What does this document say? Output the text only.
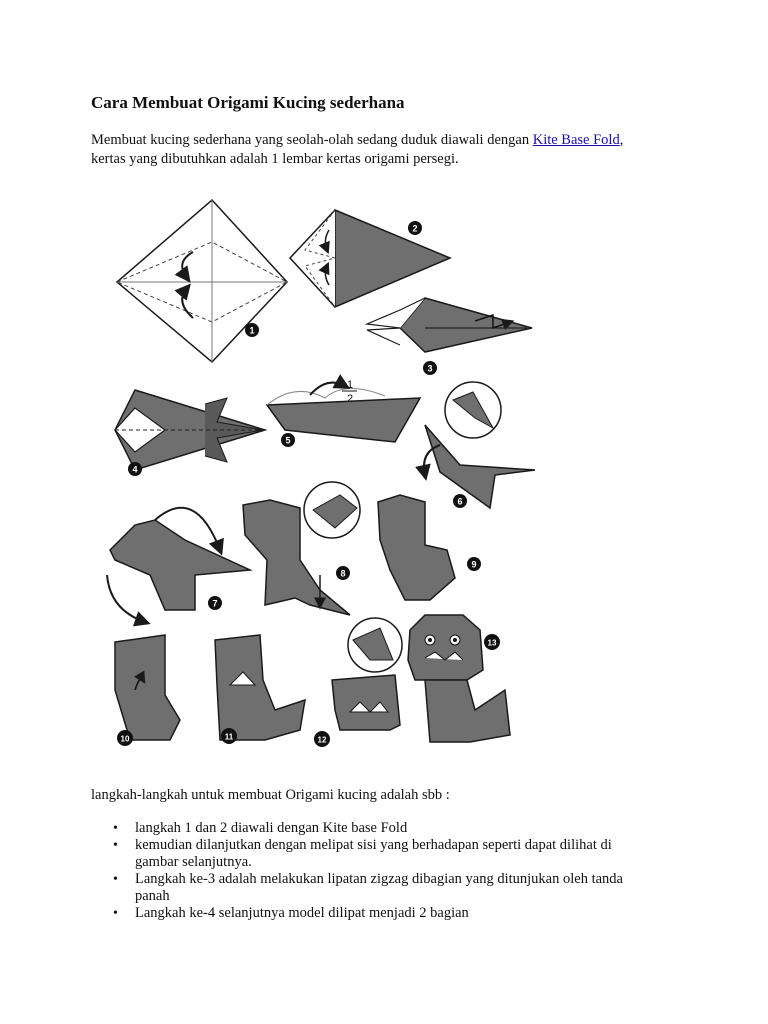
Cara Membuat Origami Kucing sederhana

Membuat kucing sederhana yang seolah-olah sedang duduk diawali dengan Kite Base Fold,
kertas yang dibutuhkan adalah 1 lembar kertas origami persegi.

1
2
1
2
3
4
5
6
7
8
9
10	11	12
13

langkah-langkah untuk membuat Origami kucing adalah sbb :

• langkah 1 dan 2 diawali dengan Kite base Fold
• kemudian dilanjutkan dengan melipat sisi yang berhadapan seperti dapat dilihat di gambar selanjutnya.
• Langkah ke-3 adalah melakukan lipatan zigzag dibagian yang ditunjukan oleh tanda panah
• Langkah ke-4 selanjutnya model dilipat menjadi 2 bagian
